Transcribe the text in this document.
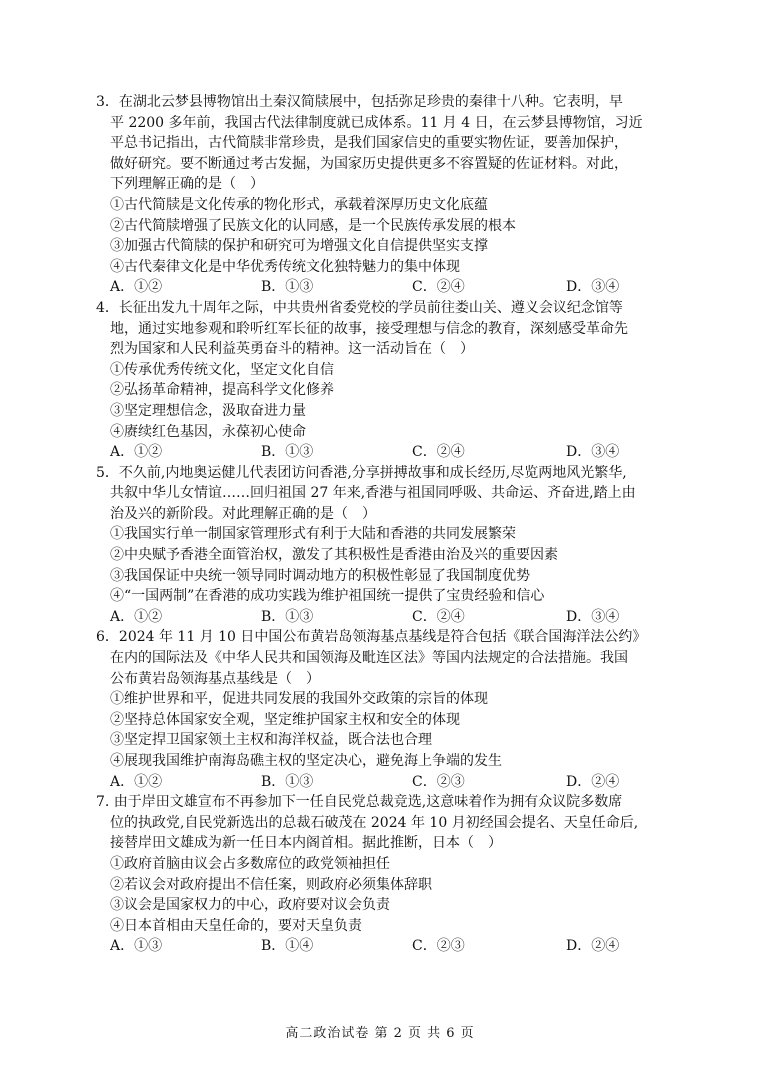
3．在湖北云梦县博物馆出土秦汉简牍展中，包括弥足珍贵的秦律十八种。它表明，早
平 2200 多年前，我国古代法律制度就已成体系。11 月 4 日，在云梦县博物馆，习近
平总书记指出，古代简牍非常珍贵，是我们国家信史的重要实物佐证，要善加保护，
做好研究。要不断通过考古发掘，为国家历史提供更多不容置疑的佐证材料。对此，
下列理解正确的是（　）
①古代简牍是文化传承的物化形式，承载着深厚历史文化底蕴
②古代简牍增强了民族文化的认同感，是一个民族传承发展的根本
③加强古代简牍的保护和研究可为增强文化自信提供坚实支撑
④古代秦律文化是中华优秀传统文化独特魅力的集中体现
A．①②	B．①③	C．②④	D．③④
4．长征出发九十周年之际，中共贵州省委党校的学员前往娄山关、遵义会议纪念馆等
地，通过实地参观和聆听红军长征的故事，接受理想与信念的教育，深刻感受革命先
烈为国家和人民利益英勇奋斗的精神。这一活动旨在（　）
①传承优秀传统文化，坚定文化自信
②弘扬革命精神，提高科学文化修养
③坚定理想信念，汲取奋进力量
④赓续红色基因，永葆初心使命
A．①②	B．①③	C．②④	D．③④
5．不久前,内地奥运健儿代表团访问香港,分享拼搏故事和成长经历,尽览两地风光繁华,
共叙中华儿女情谊……回归祖国 27 年来,香港与祖国同呼吸、共命运、齐奋进,踏上由
治及兴的新阶段。对此理解正确的是（　）
①我国实行单一制国家管理形式有利于大陆和香港的共同发展繁荣
②中央赋予香港全面管治权，激发了其积极性是香港由治及兴的重要因素
③我国保证中央统一领导同时调动地方的积极性彰显了我国制度优势
④“一国两制”在香港的成功实践为维护祖国统一提供了宝贵经验和信心
A．①②	B．①③	C．②④	D．③④
6．2024 年 11 月 10 日中国公布黄岩岛领海基点基线是符合包括《联合国海洋法公约》
在内的国际法及《中华人民共和国领海及毗连区法》等国内法规定的合法措施。我国
公布黄岩岛领海基点基线是（　）
①维护世界和平，促进共同发展的我国外交政策的宗旨的体现
②坚持总体国家安全观，坚定维护国家主权和安全的体现
③坚定捍卫国家领土主权和海洋权益，既合法也合理
④展现我国维护南海岛礁主权的坚定决心，避免海上争端的发生
A．①②	B．①③	C．②③	D．②④
7. 由于岸田文雄宣布不再参加下一任自民党总裁竞选,这意味着作为拥有众议院多数席
位的执政党,自民党新选出的总裁石破茂在 2024 年 10 月初经国会提名、天皇任命后,
接替岸田文雄成为新一任日本内阁首相。据此推断，日本（　）
①政府首脑由议会占多数席位的政党领袖担任
②若议会对政府提出不信任案，则政府必须集体辞职
③议会是国家权力的中心，政府要对议会负责
④日本首相由天皇任命的，要对天皇负责
A．①③	B．①④	C．②③	D．②④
高二政治试卷 第 2 页 共 6 页
